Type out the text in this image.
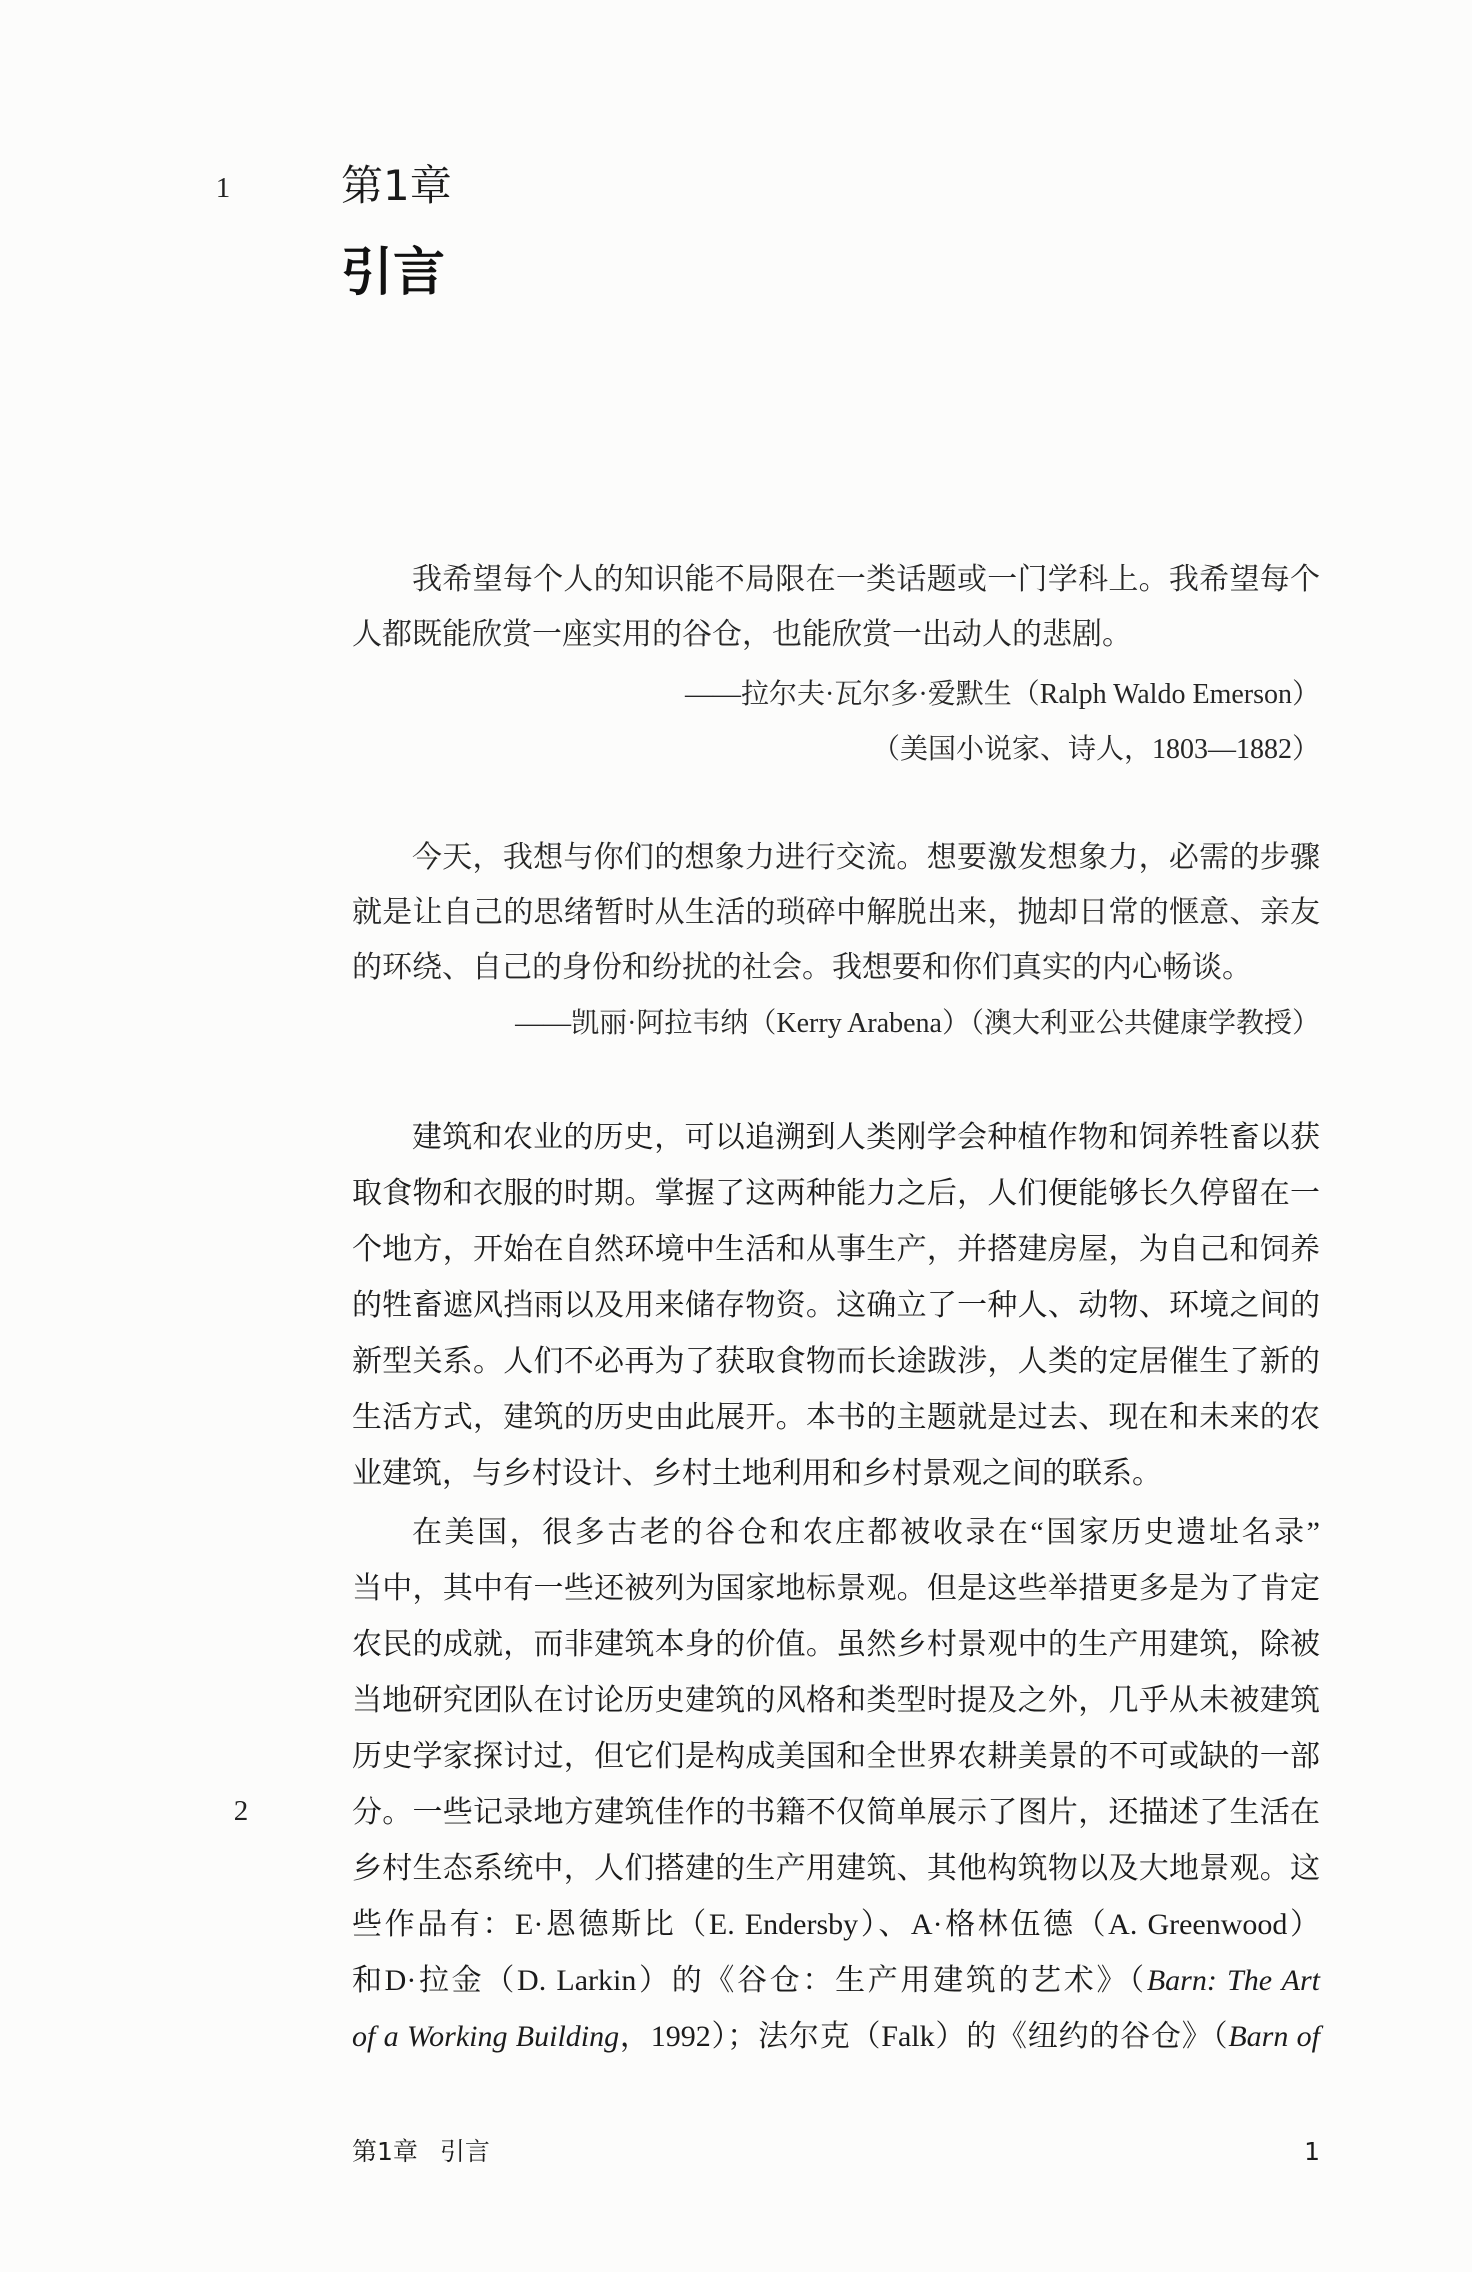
1
2
第1章
引言
我希望每个人的知识能不局限在一类话题或一门学科上。我希望每个
人都既能欣赏一座实用的谷仓，也能欣赏一出动人的悲剧。
——拉尔夫·瓦尔多·爱默生（Ralph Waldo Emerson）
（美国小说家、诗人，1803—1882）
今天，我想与你们的想象力进行交流。想要激发想象力，必需的步骤
就是让自己的思绪暂时从生活的琐碎中解脱出来，抛却日常的惬意、亲友
的环绕、自己的身份和纷扰的社会。我想要和你们真实的内心畅谈。
——凯丽·阿拉韦纳（Kerry Arabena）（澳大利亚公共健康学教授）
建筑和农业的历史，可以追溯到人类刚学会种植作物和饲养牲畜以获
取食物和衣服的时期。掌握了这两种能力之后，人们便能够长久停留在一
个地方，开始在自然环境中生活和从事生产，并搭建房屋，为自己和饲养
的牲畜遮风挡雨以及用来储存物资。这确立了一种人、动物、环境之间的
新型关系。人们不必再为了获取食物而长途跋涉，人类的定居催生了新的
生活方式，建筑的历史由此展开。本书的主题就是过去、现在和未来的农
业建筑，与乡村设计、乡村土地利用和乡村景观之间的联系。
在美国，很多古老的谷仓和农庄都被收录在“国家历史遗址名录”
当中，其中有一些还被列为国家地标景观。但是这些举措更多是为了肯定
农民的成就，而非建筑本身的价值。虽然乡村景观中的生产用建筑，除被
当地研究团队在讨论历史建筑的风格和类型时提及之外，几乎从未被建筑
历史学家探讨过，但它们是构成美国和全世界农耕美景的不可或缺的一部
分。一些记录地方建筑佳作的书籍不仅简单展示了图片，还描述了生活在
乡村生态系统中，人们搭建的生产用建筑、其他构筑物以及大地景观。这
些作品有：E·恩德斯比（E. Endersby）、A·格林伍德（A. Greenwood）
和D·拉金（D. Larkin）的《谷仓：生产用建筑的艺术》（Barn: The Art
of a Working Building，1992）；法尔克（Falk）的《纽约的谷仓》（Barn of
第1章 引言	1
